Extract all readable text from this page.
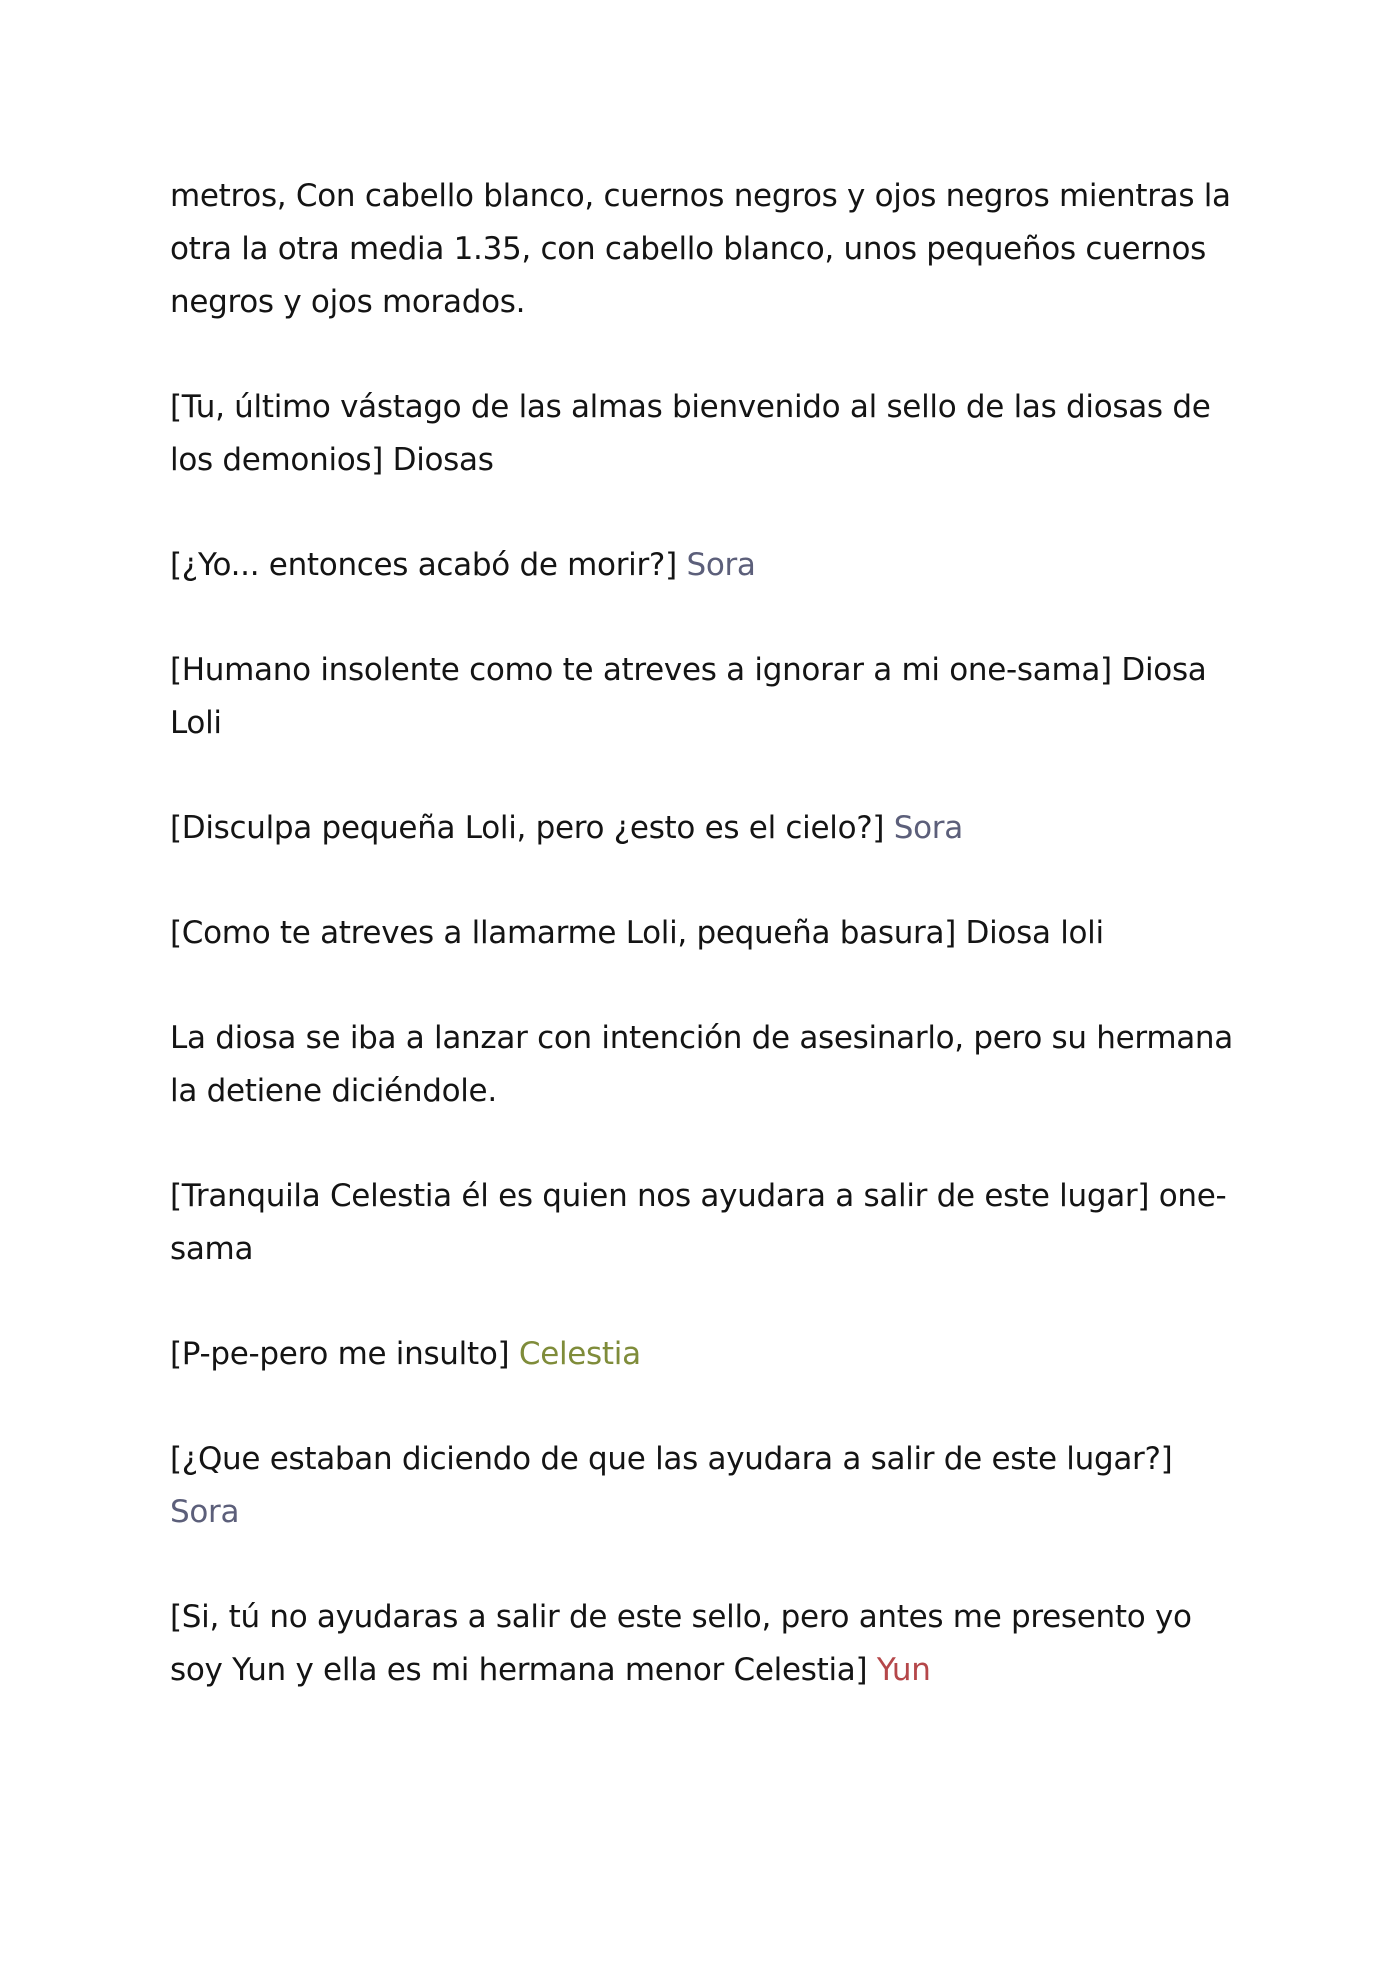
metros, Con cabello blanco, cuernos negros y ojos negros mientras la otra la otra media 1.35, con cabello blanco, unos pequeños cuernos negros y ojos morados.

[Tu, último vástago de las almas bienvenido al sello de las diosas de los demonios] Diosas

[¿Yo... entonces acabó de morir?] Sora

[Humano insolente como te atreves a ignorar a mi one-sama] Diosa Loli

[Disculpa pequeña Loli, pero ¿esto es el cielo?] Sora

[Como te atreves a llamarme Loli, pequeña basura] Diosa loli

La diosa se iba a lanzar con intención de asesinarlo, pero su hermana la detiene diciéndole.

[Tranquila Celestia él es quien nos ayudara a salir de este lugar] one-sama

[P-pe-pero me insulto] Celestia

[¿Que estaban diciendo de que las ayudara a salir de este lugar?] Sora

[Si, tú no ayudaras a salir de este sello, pero antes me presento yo soy Yun y ella es mi hermana menor Celestia] Yun
